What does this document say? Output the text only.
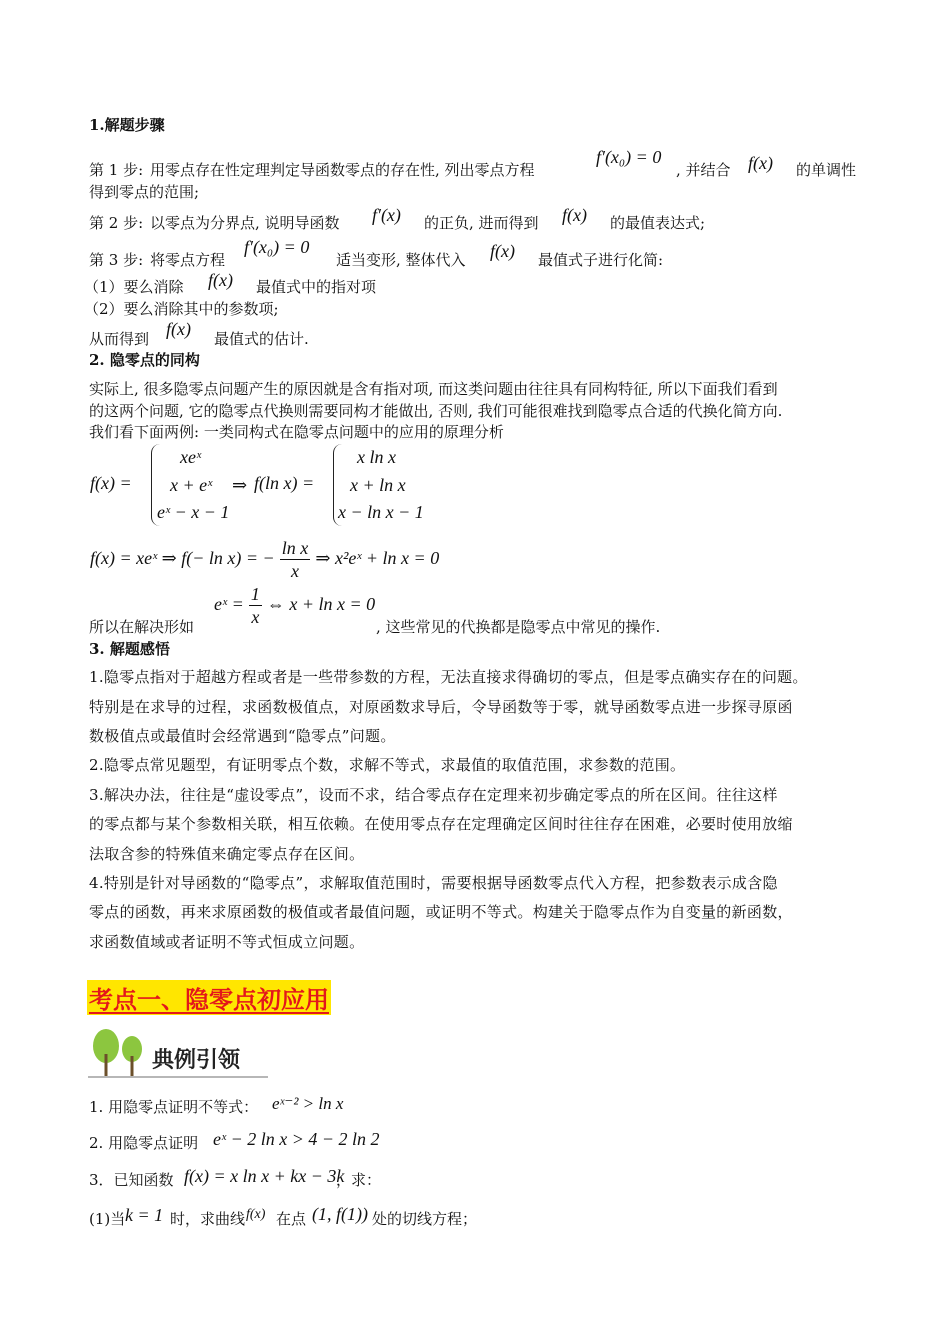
1.解题步骤
第 1 步: 用零点存在性定理判定导函数零点的存在性, 列出零点方程
f′(x₀) = 0
, 并结合 f(x) 的单调性
得到零点的范围;
第 2 步: 以零点为分界点, 说明导函数 f′(x) 的正负, 进而得到 f(x) 的最值表达式;
第 3 步: 将零点方程
f′(x₀) = 0
适当变形, 整体代入 f(x) 最值式子进行化简:
（1）要么消除 f(x) 最值式中的指对项
（2）要么消除其中的参数项;
从而得到 f(x) 最值式的估计.
2. 隐零点的同构
实际上, 很多隐零点问题产生的原因就是含有指对项, 而这类问题由往往具有同构特征, 所以下面我们看到
的这两个问题, 它的隐零点代换则需要同构才能做出, 否则, 我们可能很难找到隐零点合适的代换化简方向.
我们看下面两例: 一类同构式在隐零点问题中的应用的原理分析
f(x) =
xeˣ
x + eˣ
eˣ − x − 1
⇒ f(ln x) =
x ln x
x + ln x
x − ln x − 1
f(x) = xeˣ ⇒ f(− ln x) = − $\frac{\text{ln x}}{x}$ ⇒ x²eˣ + ln x = 0
所以在解决形如
eˣ = $\frac{1}{x}$ ⇔ x + ln x = 0
, 这些常见的代换都是隐零点中常见的操作.
3. 解题感悟
1.隐零点指对于超越方程或者是一些带参数的方程，无法直接求得确切的零点，但是零点确实存在的问题。
特别是在求导的过程，求函数极值点，对原函数求导后，令导函数等于零，就导函数零点进一步探寻原函
数极值点或最值时会经常遇到“隐零点”问题。
2.隐零点常见题型，有证明零点个数，求解不等式，求最值的取值范围，求参数的范围。
3.解决办法，往往是“虚设零点”，设而不求，结合零点存在定理来初步确定零点的所在区间。往往这样
的零点都与某个参数相关联，相互依赖。在使用零点存在定理确定区间时往往存在困难，必要时使用放缩
法取含参的特殊值来确定零点存在区间。
4.特别是针对导函数的“隐零点”，求解取值范围时，需要根据导函数零点代入方程，把参数表示成含隐
零点的函数，再来求原函数的极值或者最值问题，或证明不等式。构建关于隐零点作为自变量的新函数，
求函数值域或者证明不等式恒成立问题。
考点一、隐零点初应用
典例引领
1. 用隐零点证明不等式： eˣ⁻² > ln x
2. 用隐零点证明 eˣ − 2 ln x > 4 − 2 ln 2
3．已知函数 f(x) = x ln x + kx − 3k
，求：
(1)当 k = 1 时，求曲线 f(x) 在点 (1, f(1)) 处的切线方程；
